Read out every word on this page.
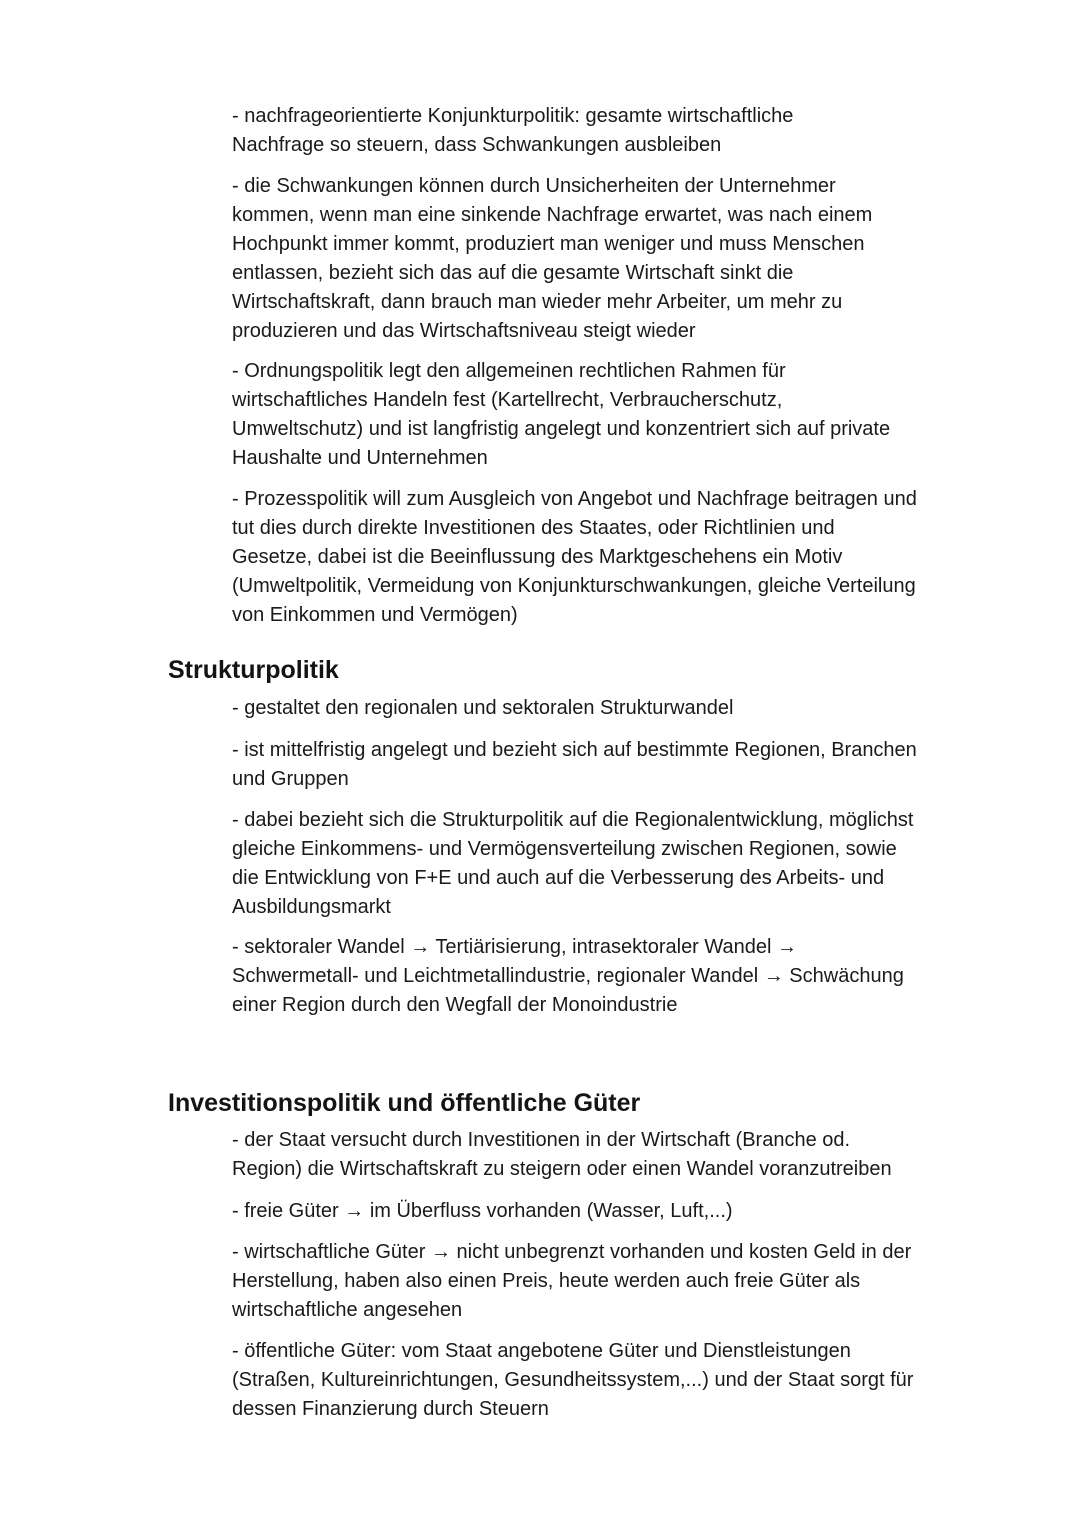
- nachfrageorientierte Konjunkturpolitik: gesamte wirtschaftliche
Nachfrage so steuern, dass Schwankungen ausbleiben

- die Schwankungen können durch Unsicherheiten der Unternehmer
kommen, wenn man eine sinkende Nachfrage erwartet, was nach einem
Hochpunkt immer kommt, produziert man weniger und muss Menschen
entlassen, bezieht sich das auf die gesamte Wirtschaft sinkt die
Wirtschaftskraft, dann brauch man wieder mehr Arbeiter, um mehr zu
produzieren und das Wirtschaftsniveau steigt wieder

- Ordnungspolitik legt den allgemeinen rechtlichen Rahmen für
wirtschaftliches Handeln fest (Kartellrecht, Verbraucherschutz,
Umweltschutz) und ist langfristig angelegt und konzentriert sich auf private
Haushalte und Unternehmen

- Prozesspolitik will zum Ausgleich von Angebot und Nachfrage beitragen und
tut dies durch direkte Investitionen des Staates, oder Richtlinien und
Gesetze, dabei ist die Beeinflussung des Marktgeschehens ein Motiv
(Umweltpolitik, Vermeidung von Konjunkturschwankungen, gleiche Verteilung
von Einkommen und Vermögen)

Strukturpolitik

- gestaltet den regionalen und sektoralen Strukturwandel

- ist mittelfristig angelegt und bezieht sich auf bestimmte Regionen, Branchen
und Gruppen

- dabei bezieht sich die Strukturpolitik auf die Regionalentwicklung, möglichst
gleiche Einkommens- und Vermögensverteilung zwischen Regionen, sowie
die Entwicklung von F+E und auch auf die Verbesserung des Arbeits- und
Ausbildungsmarkt

- sektoraler Wandel → Tertiärisierung, intrasektoraler Wandel →
Schwermetall- und Leichtmetallindustrie, regionaler Wandel → Schwächung
einer Region durch den Wegfall der Monoindustrie

Investitionspolitik und öffentliche Güter

- der Staat versucht durch Investitionen in der Wirtschaft (Branche od.
Region) die Wirtschaftskraft zu steigern oder einen Wandel voranzutreiben

- freie Güter → im Überfluss vorhanden (Wasser, Luft,...)

- wirtschaftliche Güter → nicht unbegrenzt vorhanden und kosten Geld in der
Herstellung, haben also einen Preis, heute werden auch freie Güter als
wirtschaftliche angesehen

- öffentliche Güter: vom Staat angebotene Güter und Dienstleistungen
(Straßen, Kultureinrichtungen, Gesundheitssystem,...) und der Staat sorgt für
dessen Finanzierung durch Steuern
